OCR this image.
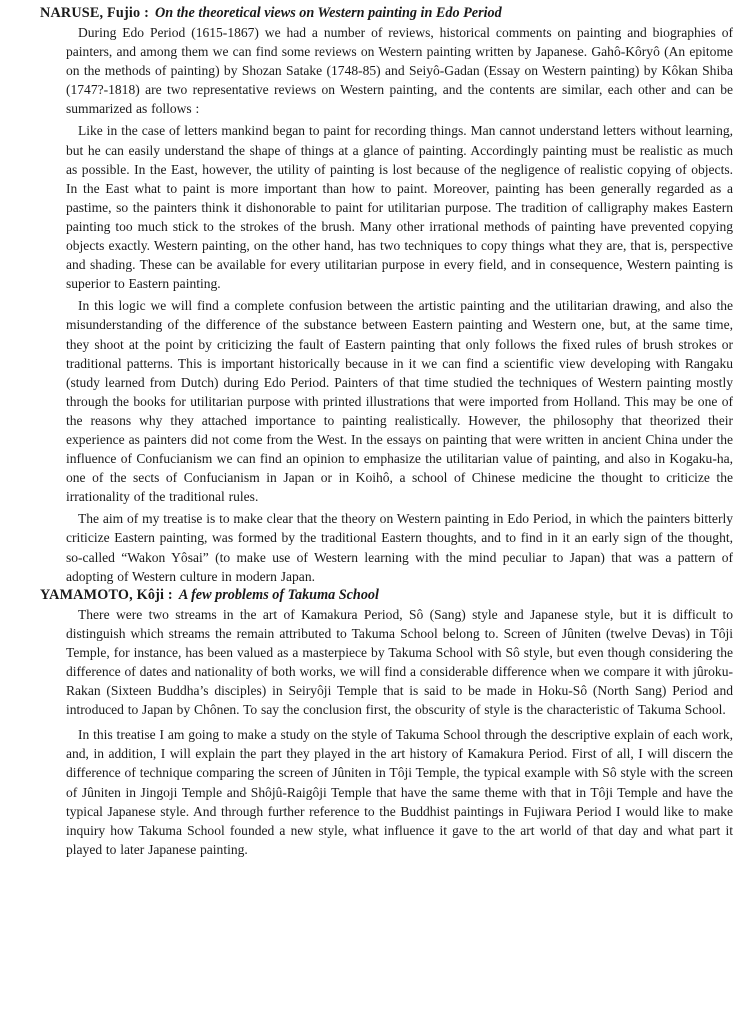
NARUSE, Fujio : On the theoretical views on Western painting in Edo Period

During Edo Period (1615-1867) we had a number of reviews, historical comments on painting and biographies of painters, and among them we can find some reviews on Western painting written by Japanese. Gahô-Kôryô (An epitome on the methods of painting) by Shozan Satake (1748-85) and Seiyô-Gadan (Essay on Western painting) by Kôkan Shiba (1747?-1818) are two representative reviews on Western painting, and the contents are similar, each other and can be summarized as follows :

Like in the case of letters mankind began to paint for recording things. Man cannot understand letters without learning, but he can easily understand the shape of things at a glance of painting. Accordingly painting must be realistic as much as possible. In the East, however, the utility of painting is lost because of the negligence of realistic copying of objects. In the East what to paint is more important than how to paint. Moreover, painting has been generally regarded as a pastime, so the painters think it dishonorable to paint for utilitarian purpose. The tradition of calligraphy makes Eastern painting too much stick to the strokes of the brush. Many other irrational methods of painting have prevented copying objects exactly. Western painting, on the other hand, has two techniques to copy things what they are, that is, perspective and shading. These can be available for every utilitarian purpose in every field, and in consequence, Western painting is superior to Eastern painting.

In this logic we will find a complete confusion between the artistic painting and the utilitarian drawing, and also the misunderstanding of the difference of the substance between Eastern painting and Western one, but, at the same time, they shoot at the point by criticizing the fault of Eastern painting that only follows the fixed rules of brush strokes or traditional patterns. This is important historically because in it we can find a scientific view developing with Rangaku (study learned from Dutch) during Edo Period. Painters of that time studied the techniques of Western painting mostly through the books for utilitarian purpose with printed illustrations that were imported from Holland. This may be one of the reasons why they attached importance to painting realistically. However, the philosophy that theorized their experience as painters did not come from the West. In the essays on painting that were written in ancient China under the influence of Confucianism we can find an opinion to emphasize the utilitarian value of painting, and also in Kogaku-ha, one of the sects of Confucianism in Japan or in Koihô, a school of Chinese medicine the thought to criticize the irrationality of the traditional rules.

The aim of my treatise is to make clear that the theory on Western painting in Edo Period, in which the painters bitterly criticize Eastern painting, was formed by the traditional Eastern thoughts, and to find in it an early sign of the thought, so-called “Wakon Yôsai” (to make use of Western learning with the mind peculiar to Japan) that was a pattern of adopting of Western culture in modern Japan.

YAMAMOTO, Kôji : A few problems of Takuma School

There were two streams in the art of Kamakura Period, Sô (Sang) style and Japanese style, but it is difficult to distinguish which streams the remain attributed to Takuma School belong to. Screen of Jûniten (twelve Devas) in Tôji Temple, for instance, has been valued as a masterpiece by Takuma School with Sô style, but even though considering the difference of dates and nationality of both works, we will find a considerable difference when we compare it with jûroku-Rakan (Sixteen Buddha’s disciples) in Seiryôji Temple that is said to be made in Hoku-Sô (North Sang) Period and introduced to Japan by Chônen. To say the conclusion first, the obscurity of style is the characteristic of Takuma School.

In this treatise I am going to make a study on the style of Takuma School through the descriptive explain of each work, and, in addition, I will explain the part they played in the art history of Kamakura Period. First of all, I will discern the difference of technique comparing the screen of Jûniten in Tôji Temple, the typical example with Sô style with the screen of Jûniten in Jingoji Temple and Shôjû-Raigôji Temple that have the same theme with that in Tôji Temple and have the typical Japanese style. And through further reference to the Buddhist paintings in Fujiwara Period I would like to make inquiry how Takuma School founded a new style, what influence it gave to the art world of that day and what part it played to later Japanese painting.
